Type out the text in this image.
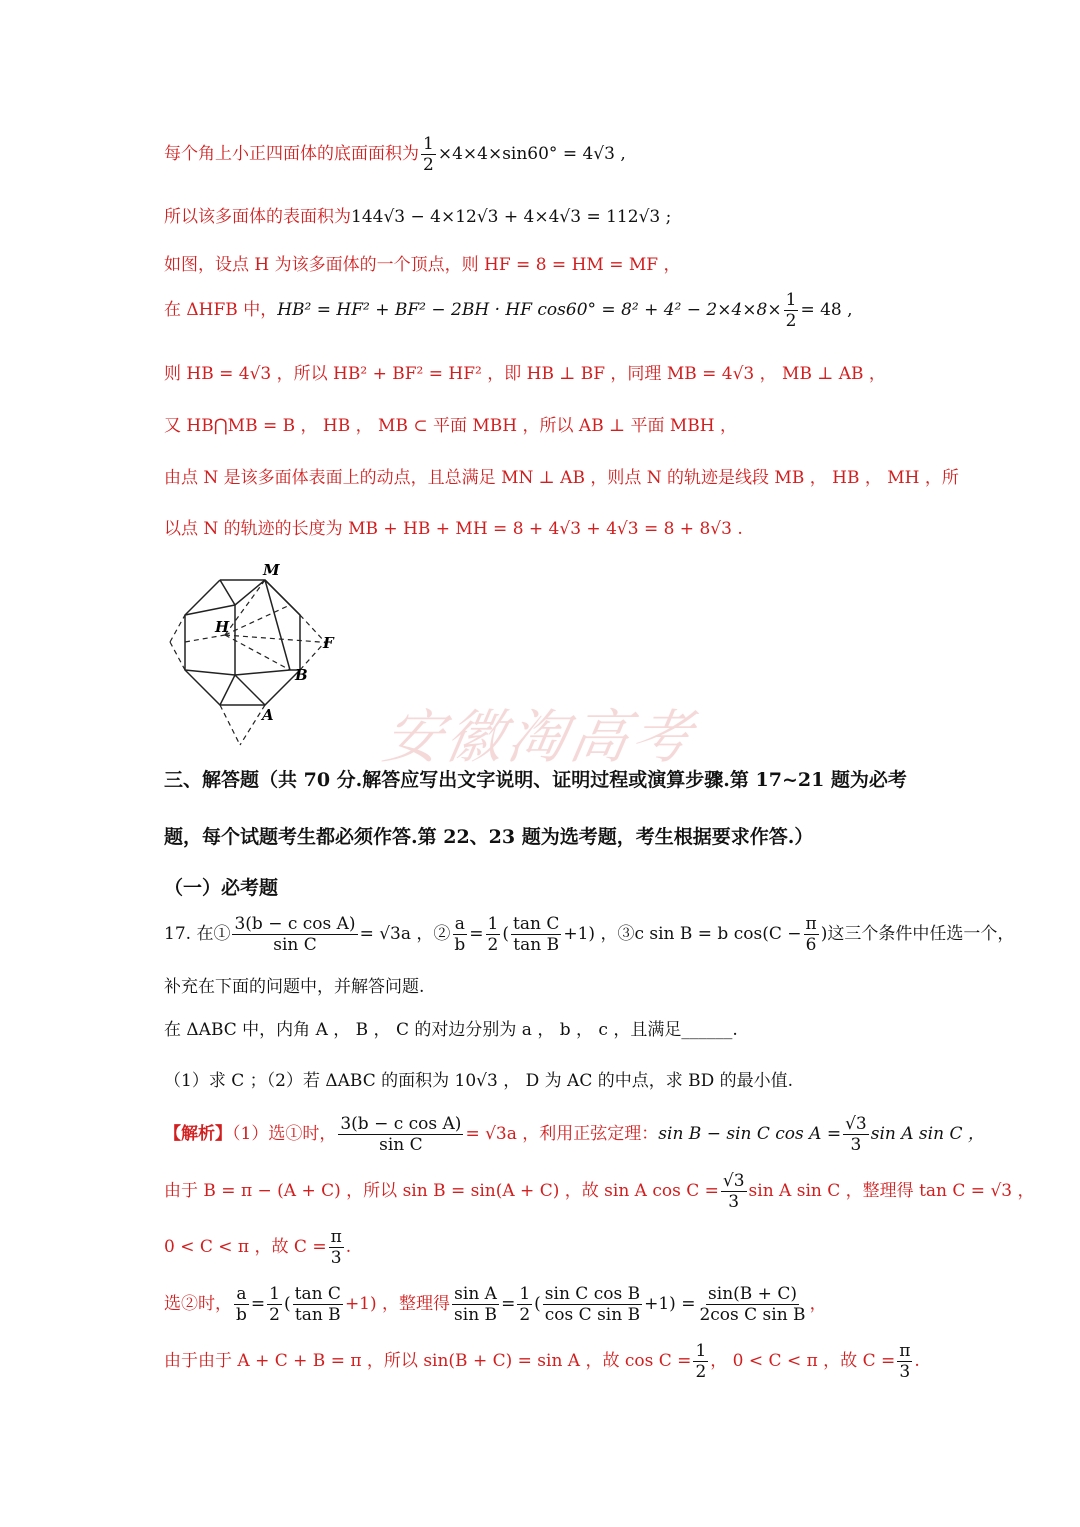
每个角上小正四面体的底面面积为 $\frac{1}{2} \times 4\times 4\times\sin 60^\circ = 4√3$ ,
所以该多面体的表面积为144√3 − 4×12√3 + 4×4√3 = 112√3 ;
如图，设点 H 为该多面体的一个顶点，则 HF = 8 = HM = MF ，
在 ΔHFB 中，HB² = HF² + BF² − 2BH · HF $\cos 60^\circ = 8^2 + 4^2 - 2\times 4\times 8\times \frac{1}{2} = 48$ ,
则 HB = 4√3 ，所以 HB² + BF² = HF² ，即 HB ⊥ BF ，同理 MB = 4√3 ， MB ⊥ AB ，
又 HB⋂MB = B ， HB ， MB ⊂ 平面 MBH ，所以 AB ⊥ 平面 MBH ，
由点 N 是该多面体表面上的动点，且总满足 MN ⊥ AB ，则点 N 的轨迹是线段 MB ， HB ， MH ，所
以点 N 的轨迹的长度为 MB + HB + MH = 8 + 4√3 + 4√3 = 8 + 8√3 .
M
H
F
B
A 安徽淘高考
三、解答题（共 70 分.解答应写出文字说明、证明过程或演算步骤.第 17~21 题为必考
题，每个试题考生都必须作答.第 22、23 题为选考题，考生根据要求作答.）
（一）必考题
17. 在① $\frac{\text{3(b − c cos A)}}{\text{sin C}} = √3a$ ，② $\frac{a}{b} = \frac{1}{2}$ ( $\frac{\text{tan C}}{\text{tan B}} +1$) ，③c sin B = b $\cos(C - \frac{\pi}{6}$ )这三个条件中任选一个，
补充在下面的问题中，并解答问题.
在 ΔABC 中，内角 A ， B ， C 的对边分别为 a ， b ， c ，且满足______.
（1）求 C ；（2）若 ΔABC 的面积为 10√3 ， D 为 AC 的中点，求 BD 的最小值.
【解析】（1）选①时， $\frac{\text{3(b − c cos A)}}{\text{sin C}} = √3a$ ，利用正弦定理：sin B − sin C $\cos A = \frac{√3}{3}$ sin A sin C ，
由于 B = π − (A + C) ，所以 sin B = sin(A + C) ，故 sin A $\cos C = \frac{√3}{3}$ sin A sin C ，整理得 tan C = √3 ，
0 < C < π ，故 $C = \frac{\pi}{3}$ .
选②时， $\frac{a}{b} = \frac{1}{2}$ ( $\frac{\text{tan C}}{\text{tan B}} +1$) ，整理得 $\frac{\text{sin A}}{\text{sin B}} = \frac{1}{2}$ ( $\frac{\text{sin C cos B}}{\text{cos C sin B}} +1) = \frac{\sin(B + C)}{\text{2cos C sin B}}$ ，
由于由于 A + C + B = π ，所以 sin(B + C) = sin A ，故 $\cos C = \frac{1}{2}$ ， 0 < C < π ，故 $C = \frac{\pi}{3}$ .
